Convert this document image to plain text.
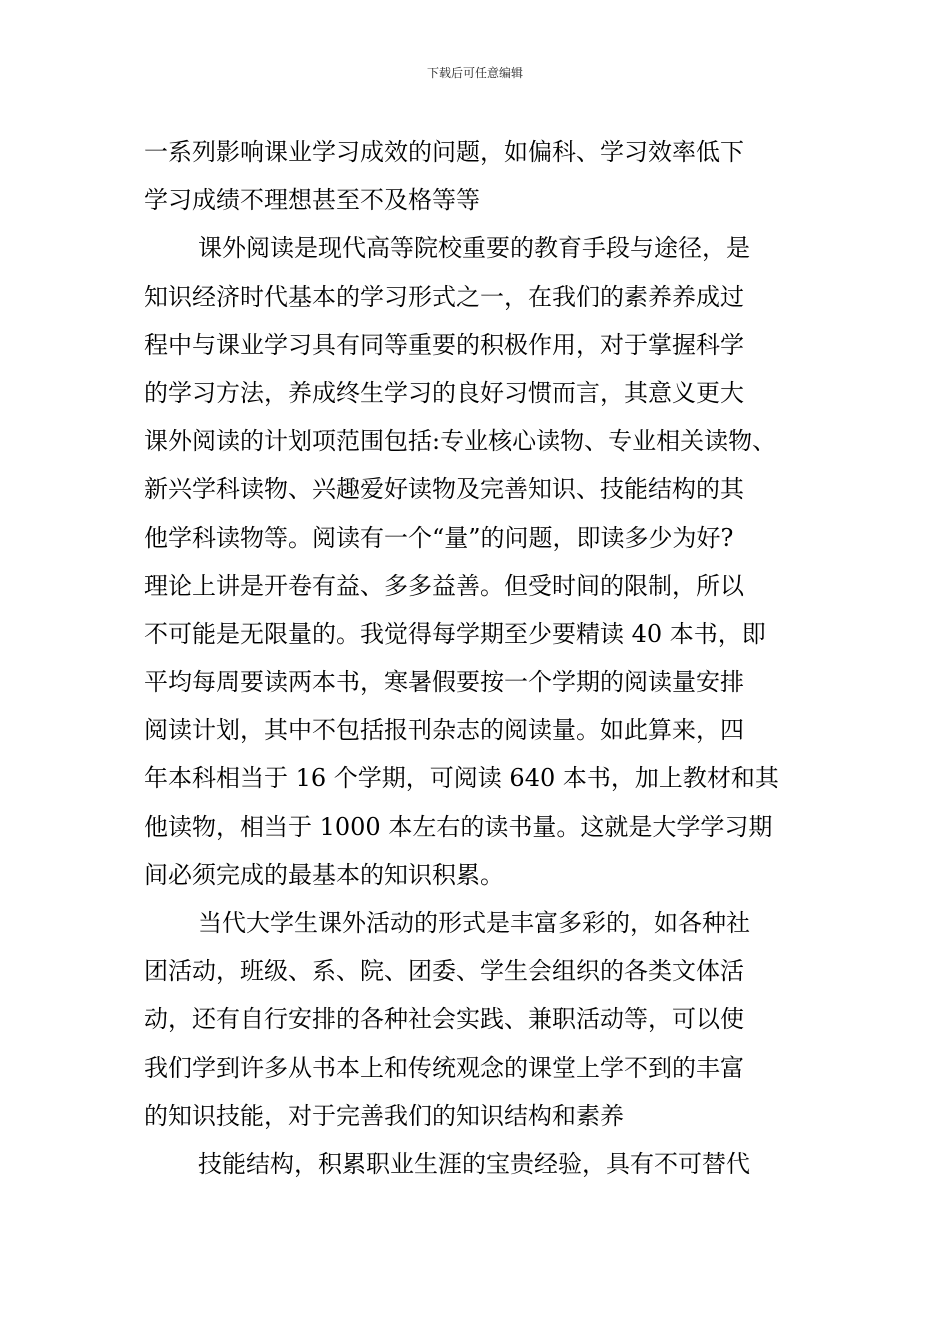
下载后可任意编辑
一系列影响课业学习成效的问题，如偏科、学习效率低下
学习成绩不理想甚至不及格等等
课外阅读是现代高等院校重要的教育手段与途径，是
知识经济时代基本的学习形式之一，在我们的素养养成过
程中与课业学习具有同等重要的积极作用，对于掌握科学
的学习方法，养成终生学习的良好习惯而言，其意义更大
课外阅读的计划项范围包括:专业核心读物、专业相关读物、
新兴学科读物、兴趣爱好读物及完善知识、技能结构的其
他学科读物等。阅读有一个“量”的问题，即读多少为好?
理论上讲是开卷有益、多多益善。但受时间的限制，所以
不可能是无限量的。我觉得每学期至少要精读 40 本书，即
平均每周要读两本书，寒暑假要按一个学期的阅读量安排
阅读计划，其中不包括报刊杂志的阅读量。如此算来，四
年本科相当于 16 个学期，可阅读 640 本书，加上教材和其
他读物，相当于 1000 本左右的读书量。这就是大学学习期
间必须完成的最基本的知识积累。
当代大学生课外活动的形式是丰富多彩的，如各种社
团活动，班级、系、院、团委、学生会组织的各类文体活
动，还有自行安排的各种社会实践、兼职活动等，可以使
我们学到许多从书本上和传统观念的课堂上学不到的丰富
的知识技能，对于完善我们的知识结构和素养
技能结构，积累职业生涯的宝贵经验，具有不可替代
